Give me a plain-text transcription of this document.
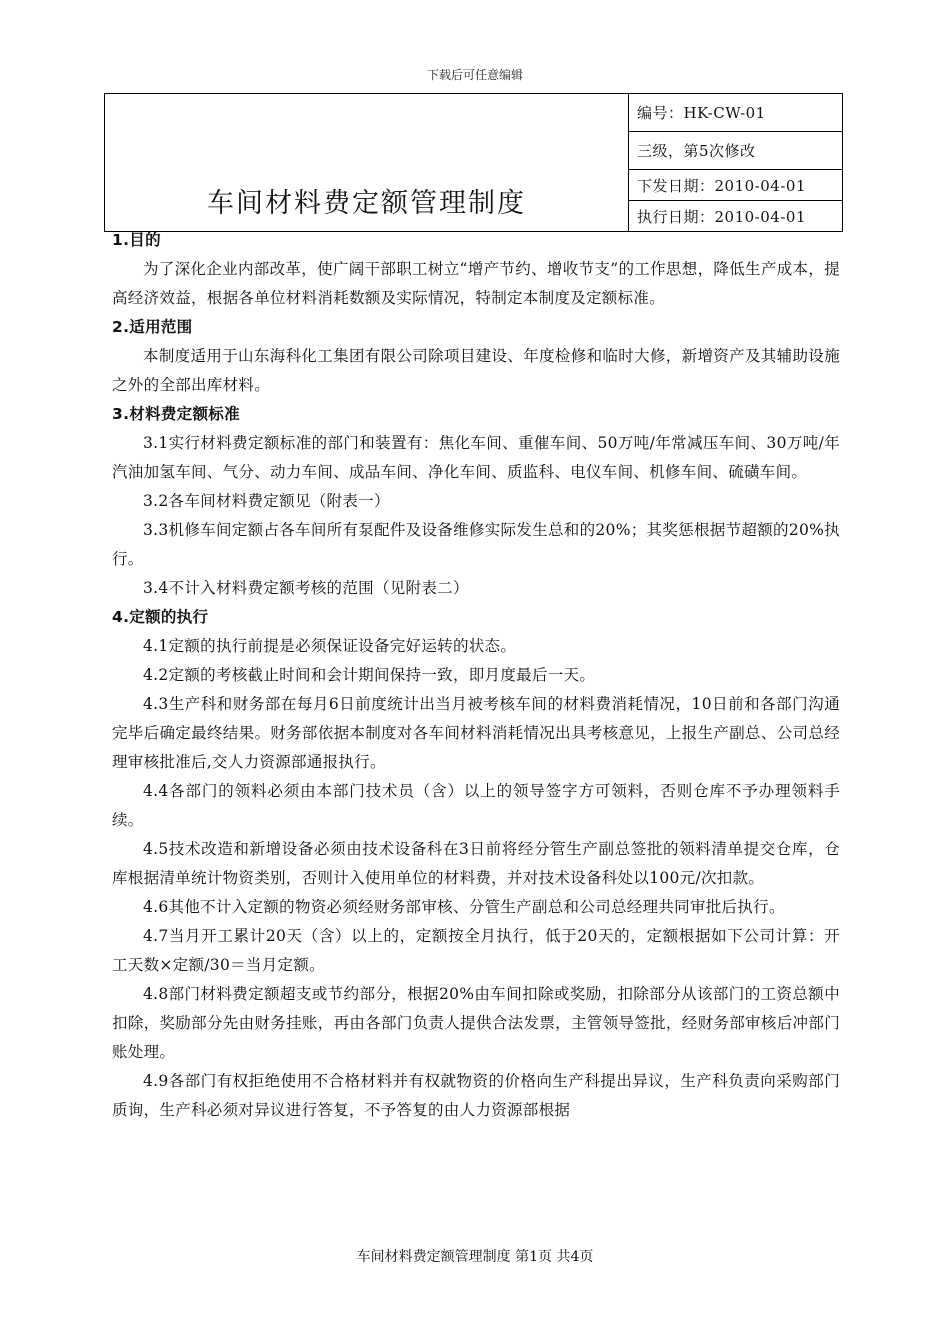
下载后可任意编辑
	编号：HK-CW-01
	三级，第5次修改
车间材料费定额管理制度	下发日期：2010-04-01
	执行日期：2010-04-01
1.目的

为了深化企业内部改革，使广阔干部职工树立“增产节约、增收节支”的工作思想，降低生产成本，提高经济效益，根据各单位材料消耗数额及实际情况，特制定本制度及定额标准。

2.适用范围

本制度适用于山东海科化工集团有限公司除项目建设、年度检修和临时大修，新增资产及其辅助设施之外的全部出库材料。

3.材料费定额标准

3.1实行材料费定额标准的部门和装置有：焦化车间、重催车间、50万吨/年常减压车间、30万吨/年汽油加氢车间、气分、动力车间、成品车间、净化车间、质监科、电仪车间、机修车间、硫磺车间。

3.2各车间材料费定额见（附表一）

3.3机修车间定额占各车间所有泵配件及设备维修实际发生总和的20%；其奖惩根据节超额的20%执行。

3.4不计入材料费定额考核的范围（见附表二）

4.定额的执行

4.1定额的执行前提是必须保证设备完好运转的状态。

4.2定额的考核截止时间和会计期间保持一致，即月度最后一天。

4.3生产科和财务部在每月6日前度统计出当月被考核车间的材料费消耗情况，10日前和各部门沟通完毕后确定最终结果。财务部依据本制度对各车间材料消耗情况出具考核意见，上报生产副总、公司总经理审核批准后,交人力资源部通报执行。

4.4各部门的领料必须由本部门技术员（含）以上的领导签字方可领料，否则仓库不予办理领料手续。

4.5技术改造和新增设备必须由技术设备科在3日前将经分管生产副总签批的领料清单提交仓库，仓库根据清单统计物资类别，否则计入使用单位的材料费，并对技术设备科处以100元/次扣款。

4.6其他不计入定额的物资必须经财务部审核、分管生产副总和公司总经理共同审批后执行。

4.7当月开工累计20天（含）以上的，定额按全月执行，低于20天的，定额根据如下公司计算：开工天数×定额/30＝当月定额。

4.8部门材料费定额超支或节约部分，根据20%由车间扣除或奖励，扣除部分从该部门的工资总额中扣除，奖励部分先由财务挂账，再由各部门负责人提供合法发票，主管领导签批，经财务部审核后冲部门账处理。

4.9各部门有权拒绝使用不合格材料并有权就物资的价格向生产科提出异议，生产科负责向采购部门质询，生产科必须对异议进行答复，不予答复的由人力资源部根据

车间材料费定额管理制度 第1页 共4页
